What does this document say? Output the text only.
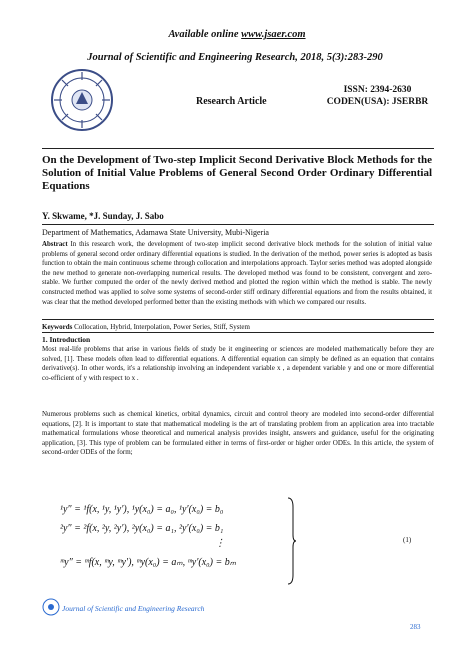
Available online www.jsaer.com
Journal of Scientific and Engineering Research, 2018, 5(3):283-290
ISSN: 2394-2630
CODEN(USA): JSERBR
Research Article
On the Development of Two-step Implicit Second Derivative Block Methods for the Solution of Initial Value Problems of General Second Order Ordinary Differential Equations
Y. Skwame, *J. Sunday, J. Sabo
Department of Mathematics, Adamawa State University, Mubi-Nigeria
Abstract In this research work, the development of two-step implicit second derivative block methods for the solution of initial value problems of general second order ordinary differential equations is studied. In the derivation of the method, power series is adopted as basis function to obtain the main continuous scheme through collocation and interpolations approach. Taylor series method was adopted alongside the new method to generate non-overlapping numerical results. The developed method was found to be consistent, convergent and zero-stable. We further computed the order of the newly derived method and plotted the region within which the method is stable. The newly constructed method was applied to solve some systems of second-order stiff ordinary differential equations and from the results obtained, it was clear that the method developed performed better than the existing methods with which we compared our results.
Keywords Collocation, Hybrid, Interpolation, Power Series, Stiff, System
1. Introduction
Most real-life problems that arise in various fields of study be it engineering or sciences are modeled mathematically before they are solved, [1]. These models often lead to differential equations. A differential equation can simply be defined as an equation that contains derivative(s). In other words, it's a relationship involving an independent variable x , a dependent variable y and one or more differential co-efficient of y with respect to x .
Numerous problems such as chemical kinetics, orbital dynamics, circuit and control theory are modeled into second-order differential equations, [2]. It is important to state that mathematical modeling is the art of translating problem from an application area into tractable mathematical formulations whose theoretical and numerical analysis provides insight, answers and guidance, useful for the originating application, [3]. This type of problem can be formulated either in terms of first-order or higher order ODEs. In this article, the system of second-order ODEs of the form;
¹y″ = ¹f(x, ¹y, ¹y′), ¹y(x₀) = a₀, ¹y′(x₀) = b₀
²y″ = ²f(x, ²y, ²y′), ²y(x₀) = a₁, ²y′(x₀) = b₁
⋮
ᵐy″ = ᵐf(x, ᵐy, ᵐy′), ᵐy(x₀) = aₘ, ᵐy′(x₀) = bₘ
(1)
Journal of Scientific and Engineering Research
283
